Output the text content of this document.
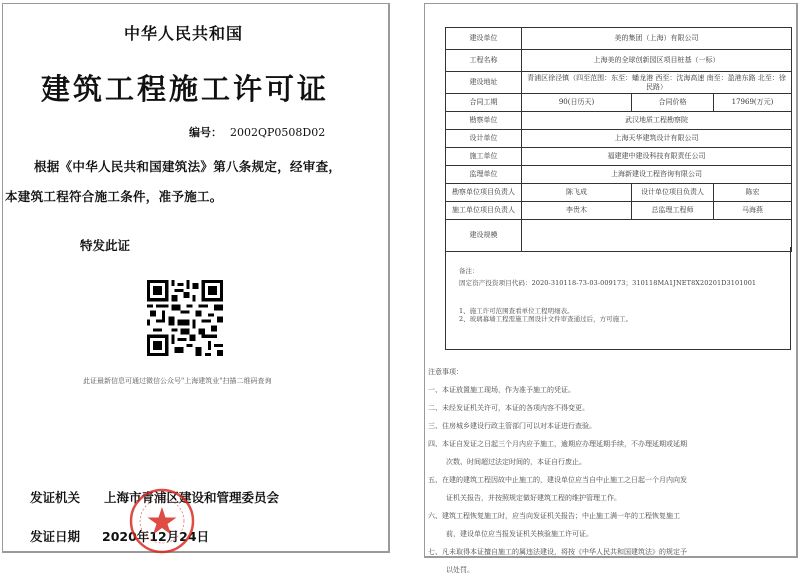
中华人民共和国
建筑工程施工许可证
编号： 2002QP0508D02
根据《中华人民共和国建筑法》第八条规定，经审查，
本建筑工程符合施工条件，准予施工。
特发此证
此证最新信息可通过微信公众号"上海建筑业"扫描二维码查询
发证机关 上海市青浦区建设和管理委员会
发证日期 2020年12月24日
建设单位	美的集团（上海）有限公司		
工程名称	上海美的全球创新园区项目桩基（一标）		
建设地址	青浦区徐泾镇（四至范围：东至：蟠龙港 西至：沈海高速 南至：盈港东路 北至：徐民路）		
合同工期	90(日历天)	合同价格	17969(万元)
勘察单位	武汉地质工程勘察院		
设计单位	上海天华建筑设计有限公司		
施工单位	福建建中建设科技有限责任公司		
监理单位	上海新建设工程咨询有限公司		
勘察单位项目负责人	陈飞成	设计单位项目负责人	陈宏
施工单位项目负责人	李贵木	总监理工程师	马海燕
建设规模			
备注：
固定资产投资项目代码：2020-310118-73-03-009173；310118MA1JNET8X20201D3101001
1、施工许可范围查看单位工程明细表。
2、玻璃幕墙工程需施工图设计文件审查通过后，方可施工。
注意事项：
一、本证放置施工现场，作为准予施工的凭证。
二、未经发证机关许可，本证的各项内容不得变更。
三、住房城乡建设行政主管部门可以对本证进行查验。
四、本证自发证之日起三个月内应予施工，逾期应办理延期手续，不办理延期或延期
次数、时间超过法定时间的，本证自行废止。
五、在建的建筑工程因故中止施工的，建设单位应当自中止施工之日起一个月内向发
证机关报告，并按照规定做好建筑工程的维护管理工作。
六、建筑工程恢复施工时，应当向发证机关报告；中止施工满一年的工程恢复施工
前，建设单位应当报发证机关核验施工许可证。
七、凡未取得本证擅自施工的属违法建设，将按《中华人民共和国建筑法》的规定予
以处罚。
